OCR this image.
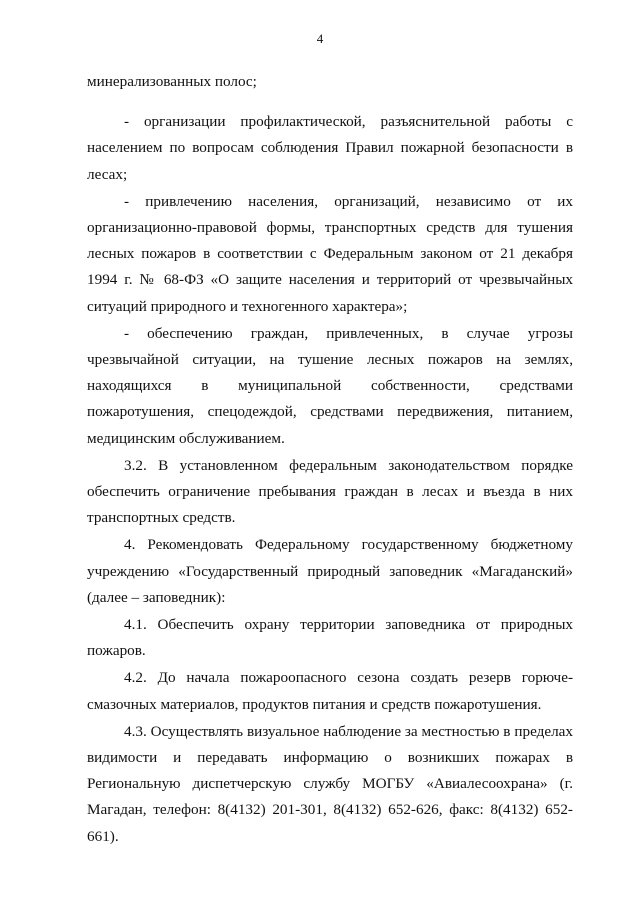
4

минерализованных полос;

- организации профилактической, разъяснительной работы с населением по вопросам соблюдения Правил пожарной безопасности в лесах;

- привлечению населения, организаций, независимо от их организационно-правовой формы, транспортных средств для тушения лесных пожаров в соответствии с Федеральным законом от 21 декабря 1994 г. № 68-ФЗ «О защите населения и территорий от чрезвычайных ситуаций природного и техногенного характера»;

- обеспечению граждан, привлеченных, в случае угрозы чрезвычайной ситуации, на тушение лесных пожаров на землях, находящихся в муниципальной собственности, средствами пожаротушения, спецодеждой, средствами передвижения, питанием, медицинским обслуживанием.

3.2. В установленном федеральным законодательством порядке обеспечить ограничение пребывания граждан в лесах и въезда в них транспортных средств.

4. Рекомендовать Федеральному государственному бюджетному учреждению «Государственный природный заповедник «Магаданский» (далее – заповедник):

4.1. Обеспечить охрану территории заповедника от природных пожаров.

4.2. До начала пожароопасного сезона создать резерв горюче-смазочных материалов, продуктов питания и средств пожаротушения.

4.3. Осуществлять визуальное наблюдение за местностью в пределах видимости и передавать информацию о возникших пожарах в Региональную диспетчерскую службу МОГБУ «Авиалесоохрана» (г. Магадан, телефон: 8(4132) 201-301, 8(4132) 652-626, факс: 8(4132) 652-661).
